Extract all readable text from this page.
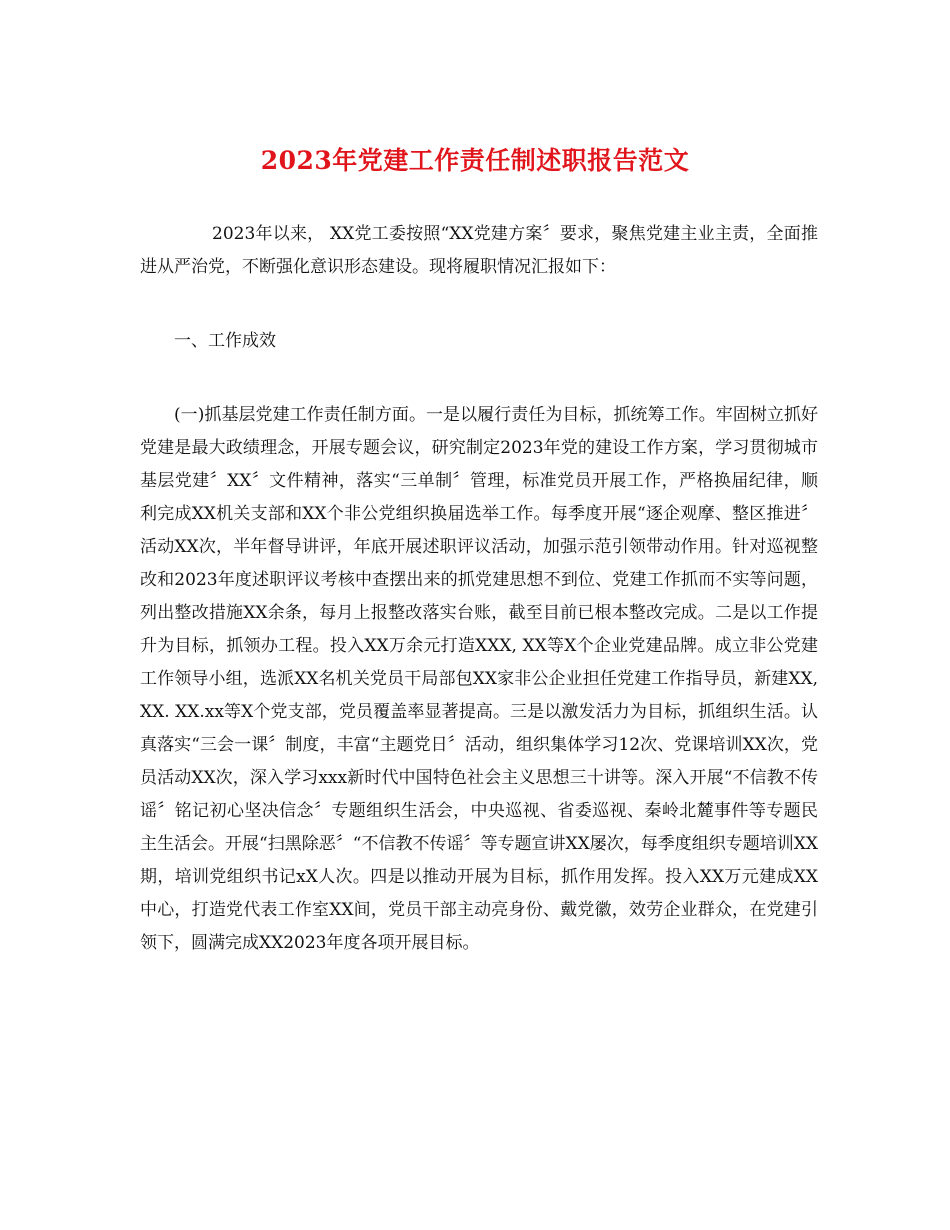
2023年党建工作责任制述职报告范文

2023年以来， XX党工委按照“XX党建方案〞要求，聚焦党建主业主责，全面推进从严治党，不断强化意识形态建设。现将履职情况汇报如下：

一、工作成效

(一)抓基层党建工作责任制方面。一是以履行责任为目标，抓统筹工作。牢固树立抓好党建是最大政绩理念，开展专题会议，研究制定2023年党的建设工作方案，学习贯彻城市基层党建〞XX〞文件精神，落实“三单制〞管理，标准党员开展工作，严格换届纪律，顺利完成XX机关支部和XX个非公党组织换届选举工作。每季度开展“逐企观摩、整区推进〞活动XX次，半年督导讲评，年底开展述职评议活动，加强示范引领带动作用。针对巡视整改和2023年度述职评议考核中查摆出来的抓党建思想不到位、党建工作抓而不实等问题，列出整改措施XX余条，每月上报整改落实台账，截至目前已根本整改完成。二是以工作提升为目标，抓领办工程。投入XX万余元打造XXX, XX等X个企业党建品牌。成立非公党建工作领导小组，选派XX名机关党员干局部包XX家非公企业担任党建工作指导员，新建XX, XX. XX.xx等X个党支部，党员覆盖率显著提高。三是以激发活力为目标，抓组织生活。认真落实“三会一课〞制度，丰富“主题党日〞活动，组织集体学习12次、党课培训XX次，党员活动XX次，深入学习xxx新时代中国特色社会主义思想三十讲等。深入开展“不信教不传谣〞铭记初心坚决信念〞专题组织生活会，中央巡视、省委巡视、秦岭北麓事件等专题民主生活会。开展“扫黑除恶〞“不信教不传谣〞等专题宣讲XX屡次，每季度组织专题培训XX期，培训党组织书记xX人次。四是以推动开展为目标，抓作用发挥。投入XX万元建成XX中心，打造党代表工作室XX间，党员干部主动亮身份、戴党徽，效劳企业群众，在党建引领下，圆满完成XX2023年度各项开展目标。
